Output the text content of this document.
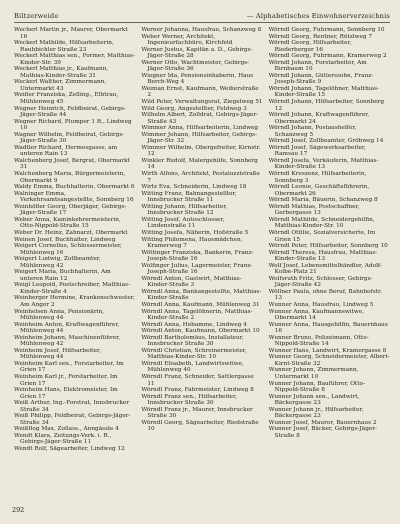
Biltzerweide	— Alphabetisches Einwohnerverzeichnis
Wecherl Martin jr., Maurer, Obermarkt 16
Weckerl Mathilde, Hilfsarbeiterin, Rauhbichler Straße 23
Weckerl Matthias sen., Former, Matthias-Kinder-Str. 39
Weckerl Matthias jr., Kaufmann, Mathias-Kinder-Straße 31
Weckerl Walther, Zimmermann, Untermarkt 43
Weifler Franziska, Zelling., Elbtrau, Mühlenweg 45
Wegner Heinrich, Feldbeirat, Gebirgs-Jäger-Straße 44
Wegner Richard, Plumper 1 R., Lindweg 10
Wagner Wilhelm, Feldbeirat, Gebirgs-Jäger-Straße 30
Wadtler Richard, Hermesgasse, am unteren Rain 13
Walchenberg Josef, Bergrat, Obermarkt 31
Walchenberg Maria, Bürgermeisterin, Obermarkt 9
Waldy Emma, Buchhalterin, Obermarkt 6
Walninger Emma, Verkehrsamtsangestellte, Sonnberg 16
Weinhöfler Georg, Oberjäger, Gebirgs-Jäger-Straße 17
Weber Anna, Kaminkehrermeisterin, Otto-Nippold-Straße 15
Weber Dr. Heinz, Zahnarzt, Obermarkt
Weinen Josef, Buchhalter, Lindweg
Weigert Cornelius, Schlossermeister, Mühlenweg 16
Weigert Ludwig, Zollbeamter, Mühlenweg 42
Weigert Maria, Buchhalterin, Am unteren Rain 12
Weigl Leopold, Postschreiber, Matthias-Kinder-Straße 4
Weinberger Hermine, Krankenschwester, Am Anger 2
Weinhelsen Anna, Pensionärin, Mühlenweg 44
Weinheim Anton, Kraftwagenführer, Mühlenweg 44
Weinheim Johann, Maschinenführer, Mühlenweg 42
Weinheim Josef, Hilfsarbeiter, Mühlenweg 44
Weinheim Karl sen., Forstarbeiter, Im Grien 17
Weinheim Karl jr., Forstarbeiter, Im Grien 17
Weinheim Hans, Elektromeister, Im Grien 17
Weiß Arthur, Ing.-Forstrat, Innsbrucker Straße 34
Weiß Philipp, Feldbeirat, Gebirgs-Jäger-Straße 34
Weißflog Max, Zollass., Anngässle 4
Wendt Klara, Zeitungs-Verk. i. R., Gebirgs-Jäger-Straße 11
Wendt Rolf, Sägearbeiter, Lindweg 12
Werner Johanna, Hausfrau, Schanzweg 8
Weber Werner, Architekt, Ingenieurfachbüro, Kirchfeld
Werner Justus, Kapitän a. D., Gebirgs-Jäger-Straße 28
Werner Otto, Wachtmeister, Gebirgs-Jäger-Straße 36
Wiegner Ida, Pensionsinhaberin, Haus Berch-Weg 4
Weiman Ernst, Kaufmann, Weiherstraße 2
Wild Peter, Verwaltungsrat, Ziegelweg 51
Wild Georg, Angestellter, Feldweg 3
Wilhelm Albert, Zolldrat, Gebirgs-Jäger-Straße 43
Wimmer Anna, Hilfsarbeiterin, Lindweg
Wimmer Johann, Hilfsarbeiter, Gebirgs-Jäger-Str. 32
Wimmer Wilhelm, Obergefreiter, Kirnstr. 12
Winkler Rudolf, Malergehilfe, Sonnberg 14
Wirth Alfons, Architekt, Pestalozzistraße 7
Wirtz Eva, Schneiderin, Lindweg 18
Witting Franz, Bahnangestellter, Innsbrucker Straße 11
Witting Johann, Hilfsarbeiter, Innsbrucker Straße 12
Witting Josef, Autoschlosser, Lindenstraße 11
Witting Josefa, Näherin, Hofstraße 5
Witting Philomena, Hausmädchen, Kramerweg 7
Wöttinger Franziska, Bankerin, Franz-Joseph-Straße 16
Wolfinger Julius, Lagermeister, Franz-Joseph-Straße 16
Wörndl Anton, Gastwirt, Matthias-Kinder-Straße 3
Wörndl Anna, Bankangestellte, Matthias-Kinder-Straße
Wörndl Anna, Kaufmann, Mühlenweg 31
Wörndl Anna, Tagelöhnerin, Matthias-Kinder-Straße 2
Wörndl Anna, Hebamme, Lindweg 4
Wörndl Anton, Kaufmann, Obermarkt 10
Wörndl Bartholomäus, Installateur, Innsbrucker Straße 30
Wörndl Christian, Schreinermeister, Matthias-Kinder-Str. 10
Wörndl Elisabeth, Landwirtswitwe, Mühlenweg 40
Wörndl Franz, Schneider, Sattlergasse 11
Wörndl Franz, Fahrmeister, Lindweg 8
Wörndl Franz sen., Hilfsarbeiter, Innsbrucker Straße 30
Wörndl Franz jr., Maurer, Innsbrucker Straße 30
Wörndl Georg, Sägearbeiter, Riedstraße 10
Wörndl Georg, Fuhrmann, Sonnberg 10
Wörndl Georg, Rentner, Rötzlweg 7
Wörndl Georg, Hilfsarbeiter, Riederberger 16
Wörndl Georg, Fuhrmann, Kramerweg 2
Wörndl Johann, Forstarbeiter, Am Birnbaum 10
Wörndl Johann, Gütlerssohn, Franz-Joseph-Straße 9
Wörndl Johann, Tagelöhner, Matthias-Kinder-Straße 15
Wörndl Johann, Hilfsarbeiter, Sonnberg 12
Wörndl Johann, Kraftwagenführer, Obermarkt 24
Wörndl Johann, Postaushelfer, Schanzweg 5
Wörndl Josef, Zollbeamter, Gröbweg 14
Wörndl Josef, Sägewerksarbeiter, Ramsau 17
Wörndl Josefa, Verkäuferin, Matthias-Kinder-Straße 13
Wörndl Kreszenz, Hilfsarbeiterin, Sonnberg 3
Wörndl Leonie, Geschäftsführerin, Obermarkt 26
Wörndl Maria, Bäuerin, Schanzweg 8
Wörndl Mathias, Postschaffner, Gerbergasse 13
Wörndl Mathilde, Schneidergehilfin, Matthias-Kinder-Str. 10
Wörndl Ottilie, Sozialversicherte, Im Grien 15
Wörndl Peter, Hilfsarbeiter, Sonnberg 10
Wörndl Theresa, Hausfrau, Matthias-Kinder-Straße 13
Wolf Josef, Lebensmittelhändler, Adolf-Kolbe-Platz 21
Wolfsruth Fritz, Schlosser, Gebirgs-Jäger-Straße 42
Wöllner Paula, ohne Beruf, Bahnhofstr. 13
Wunner Anna, Hausfrau, Lindweg 5
Wunner Anna, Kaufmannswitwe, Obermarkt 14
Wunner Anna, Hausgehilfin, Bauernhaus 16
Wunner Bruno, Polizeimann, Otto-Nippold-Straße 14
Wunner Hans, Landwirt, Kramergasse 8
Wunner Georg, Schneidermeister, Albert-Kirnt-Straße 32
Wunner Johann, Zimmermann, Untermarkt 10
Wunner Johann, Bauführer, Otto-Nippold-Straße 8
Wunner Johann sen., Landwirt, Bäckergasse 23
Wunner Johann jr., Hilfsarbeiter, Bäckergasse 23
Wunner Josef, Maurer, Bauernhaus 2
Wunner Josef, Bäcker, Gebirgs-Jäger-Straße 8
292
